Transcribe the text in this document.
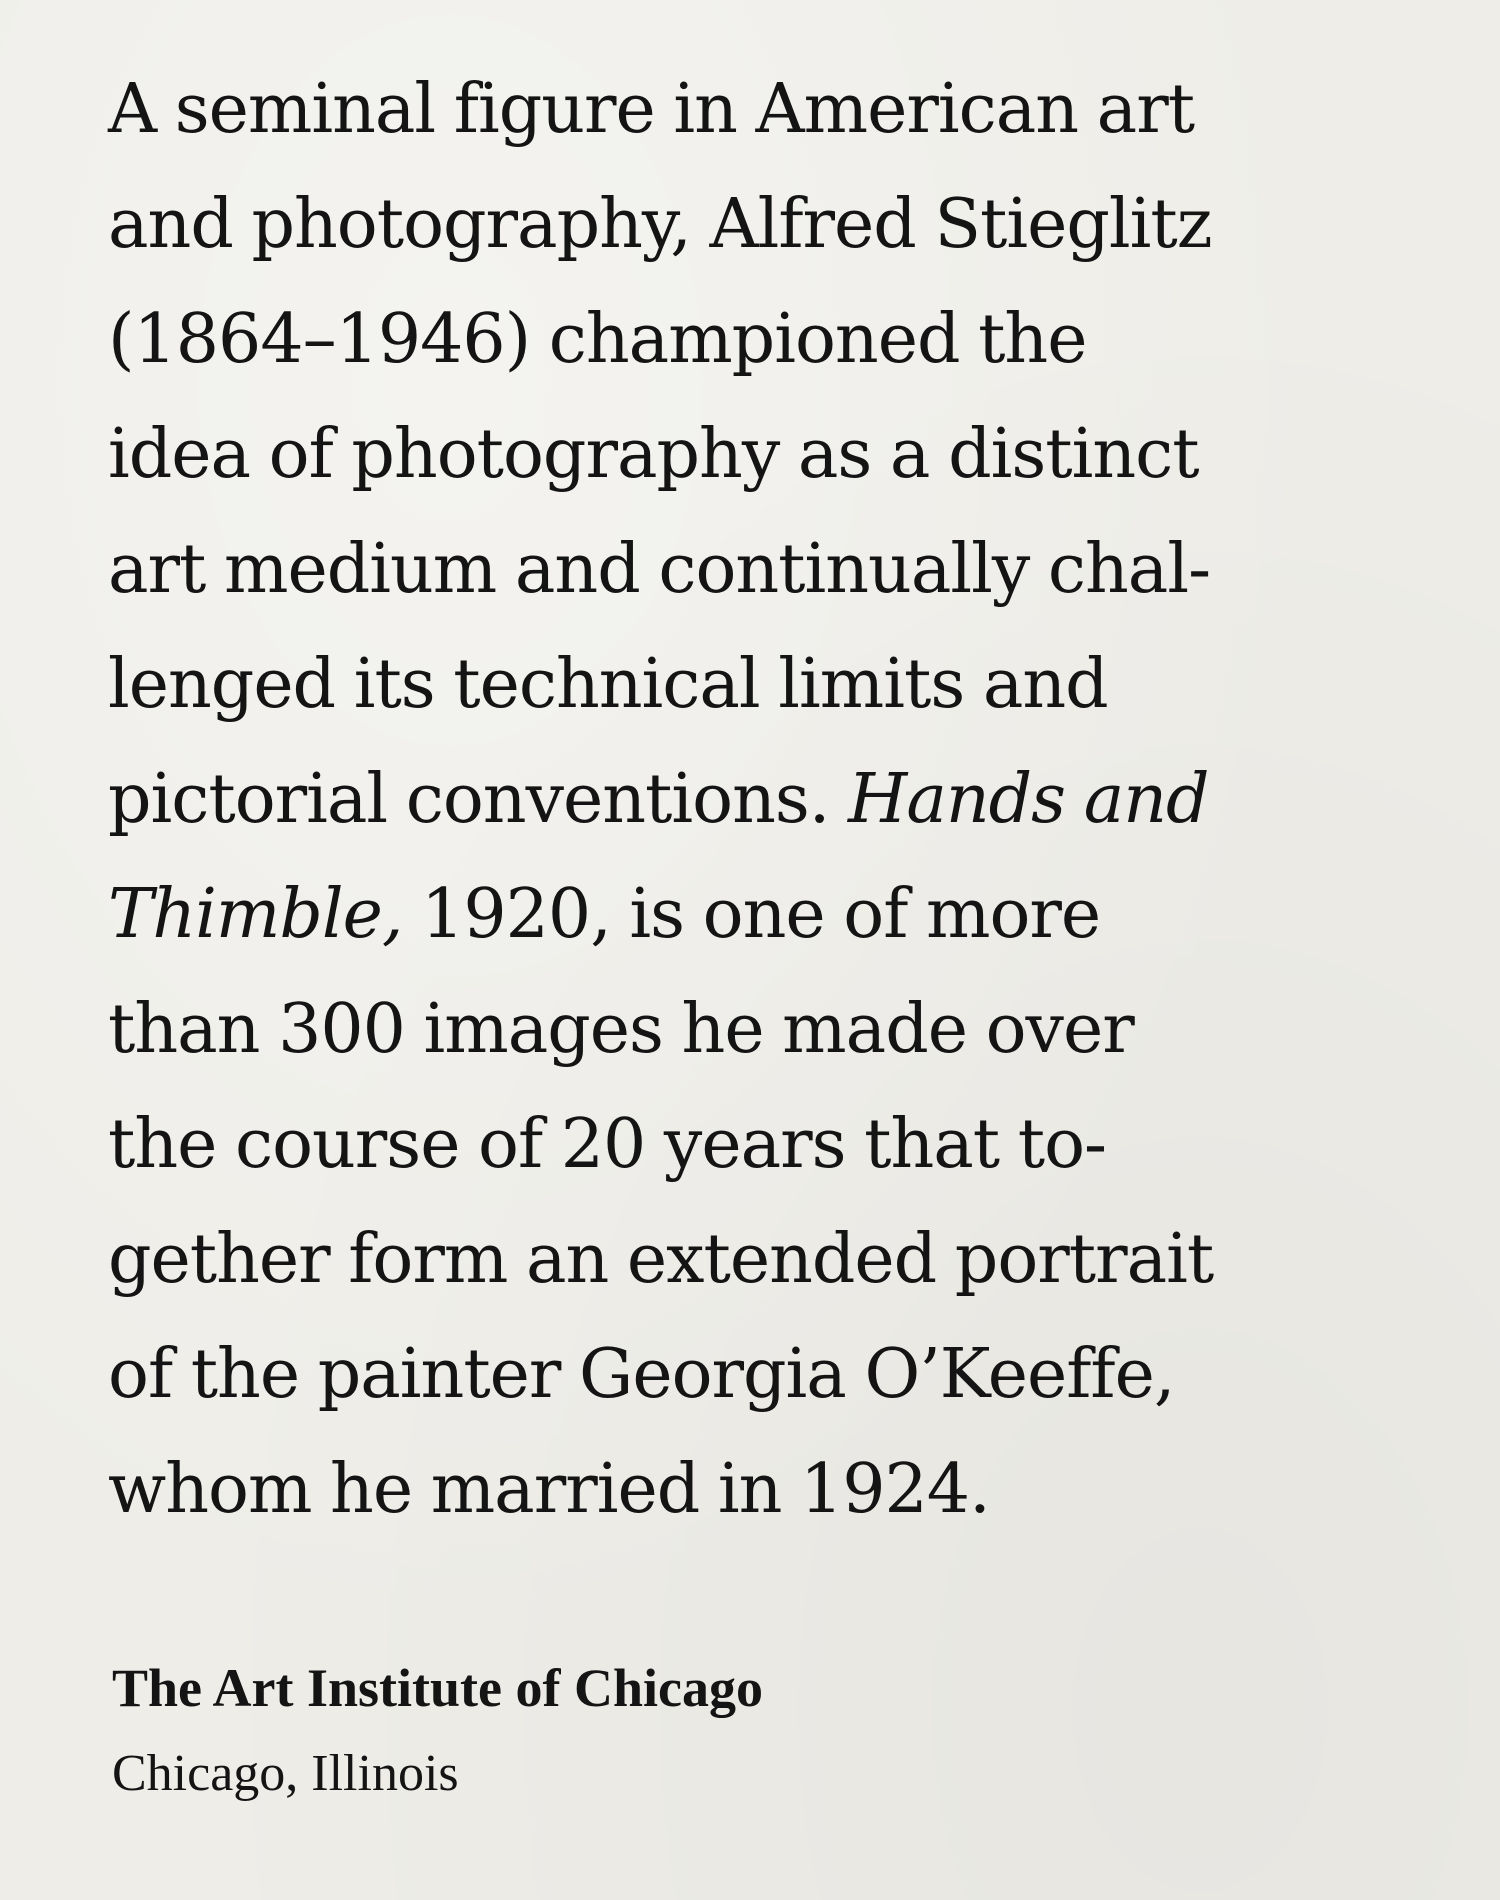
A seminal figure in American art
and photography, Alfred Stieglitz
(1864–1946) championed the
idea of photography as a distinct
art medium and continually chal-
lenged its technical limits and
pictorial conventions. Hands and
Thimble, 1920, is one of more
than 300 images he made over
the course of 20 years that to-
gether form an extended portrait
of the painter Georgia O’Keeffe,
whom he married in 1924.

The Art Institute of Chicago
Chicago, Illinois
